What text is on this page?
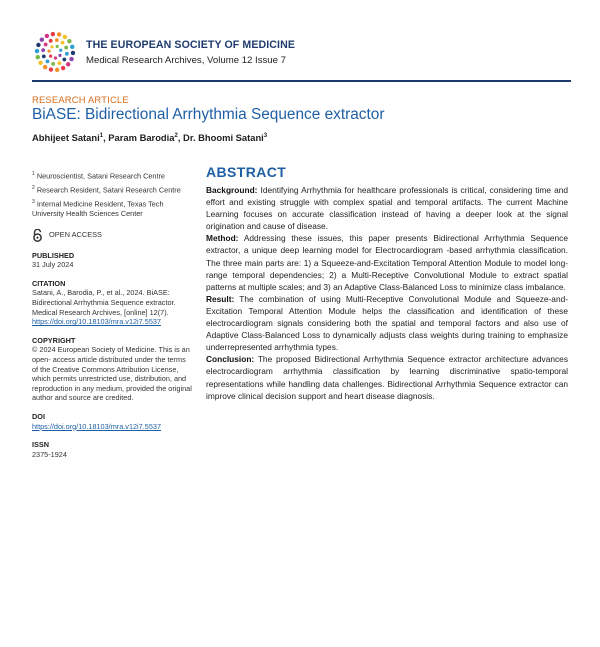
THE EUROPEAN SOCIETY OF MEDICINE
Medical Research Archives, Volume 12 Issue 7
RESEARCH ARTICLE
BiASE: Bidirectional Arrhythmia Sequence extractor
Abhijeet Satani$^1$, Param Barodia$^2$, Dr. Bhoomi Satani$^3$
$^1$ Neuroscientist, Satani Research Centre
$^2$ Research Resident, Satani Research Centre
$^3$ Internal Medicine Resident, Texas Tech University Health Sciences Center
OPEN ACCESS
PUBLISHED
31 July 2024
CITATION
Satani, A., Barodia, P., et al., 2024. BiASE: Bidirectional Arrhythmia Sequence extractor. Medical Research Archives, [online] 12(7).
https://doi.org/10.18103/mra.v12i7.5537
COPYRIGHT
© 2024 European Society of Medicine. This is an open- access article distributed under the terms of the Creative Commons Attribution License, which permits unrestricted use, distribution, and reproduction in any medium, provided the original author and source are credited.
DOI
https://doi.org/10.18103/mra.v12i7.5537
ISSN
2375-1924
ABSTRACT

Background: Identifying Arrhythmia for healthcare professionals is critical, considering time and effort and existing struggle with complex spatial and temporal artifacts. The current Machine Learning focuses on accurate classification instead of having a deeper look at the signal origination and cause of disease.

Method: Addressing these issues, this paper presents Bidirectional Arrhythmia Sequence extractor, a unique deep learning model for Electrocardiogram -based arrhythmia classification. The three main parts are: 1) a Squeeze-and-Excitation Temporal Attention Module to model long-range temporal dependencies; 2) a Multi-Receptive Convolutional Module to extract spatial patterns at multiple scales; and 3) an Adaptive Class-Balanced Loss to minimize class imbalance.

Result: The combination of using Multi-Receptive Convolutional Module and Squeeze-and-Excitation Temporal Attention Module helps the classification and identification of these electrocardiogram signals considering both the spatial and temporal factors and also use of Adaptive Class-Balanced Loss to dynamically adjusts class weights during training to emphasize underrepresented arrhythmia types.

Conclusion: The proposed Bidirectional Arrhythmia Sequence extractor architecture advances electrocardiogram arrhythmia classification by learning discriminative spatio-temporal representations while handling data challenges. Bidirectional Arrhythmia Sequence extractor can improve clinical decision support and heart disease diagnosis.
